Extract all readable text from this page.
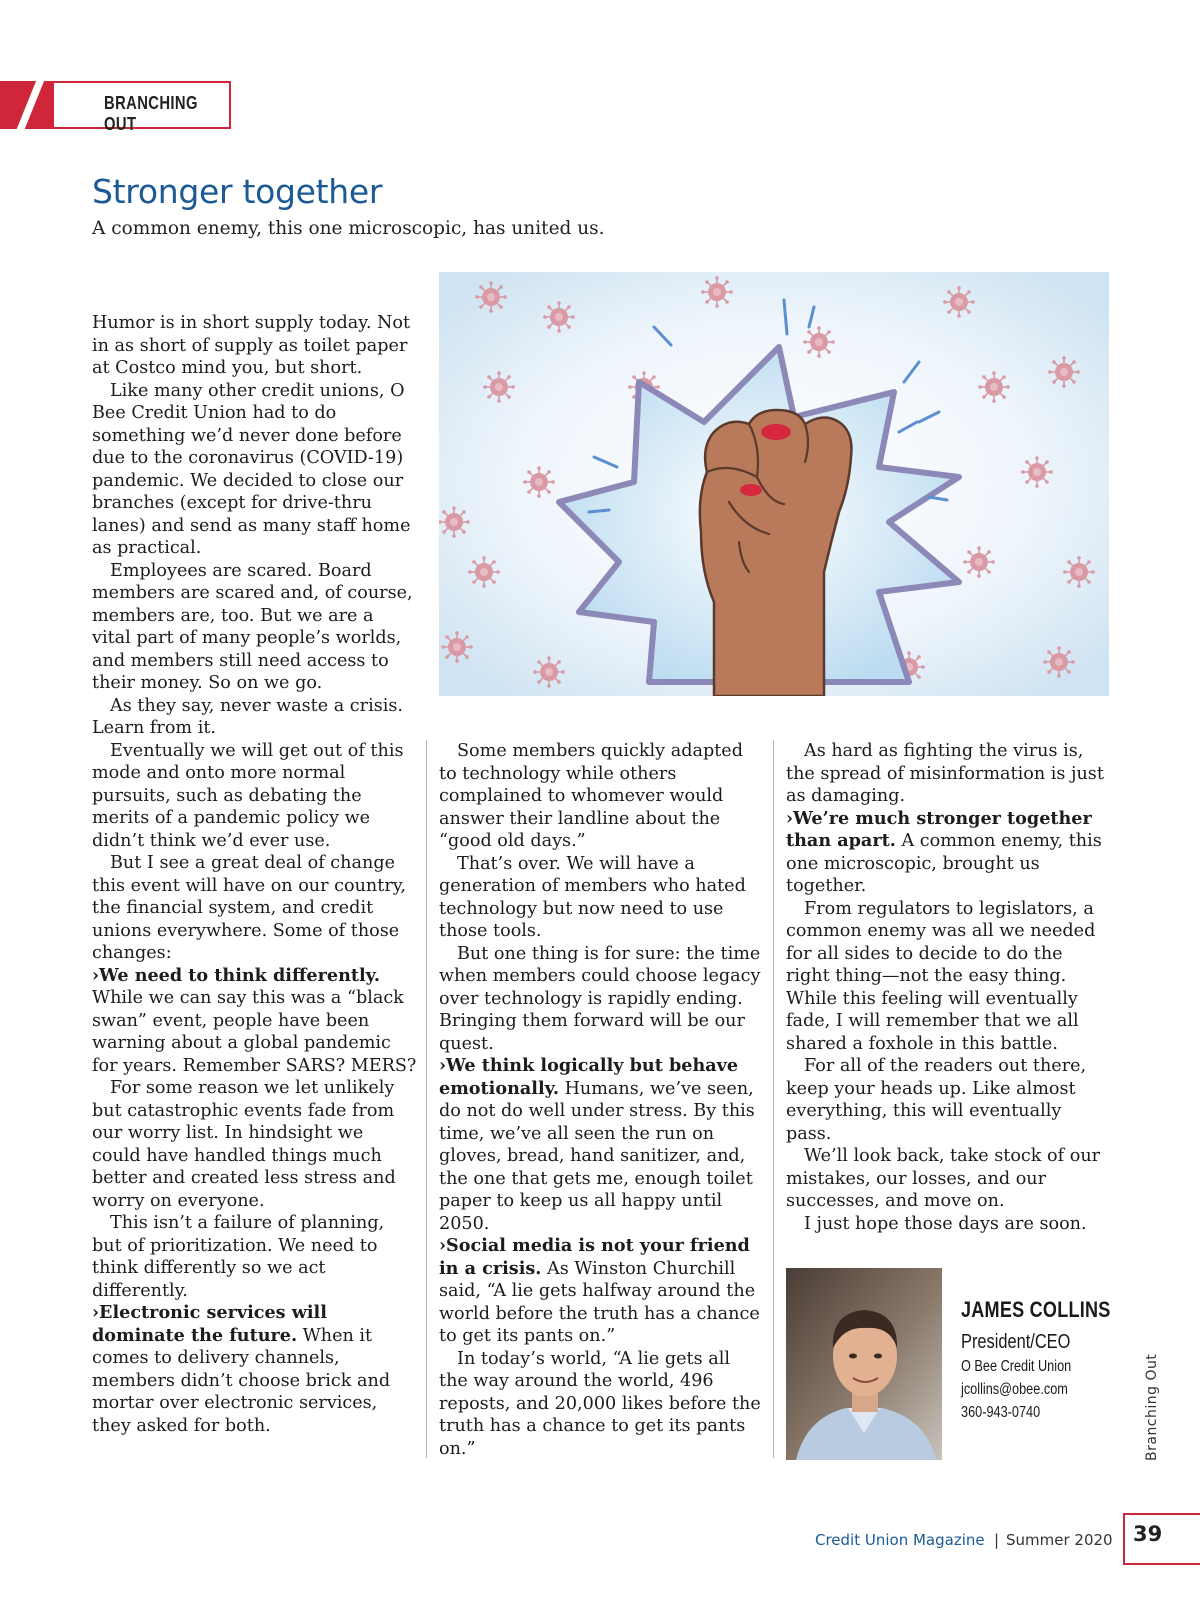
BRANCHING OUT
Stronger together
A common enemy, this one microscopic, has united us.

Humor is in short supply today. Not in as short of supply as toilet paper at Costco mind you, but short.

Like many other credit unions, O Bee Credit Union had to do something we’d never done before due to the coronavirus (COVID-19) pandemic. We decided to close our branches (except for drive-thru lanes) and send as many staff home as practical.

Employees are scared. Board members are scared and, of course, members are, too. But we are a vital part of many people’s worlds, and members still need access to their money. So on we go.

As they say, never waste a crisis. Learn from it.

Eventually we will get out of this mode and onto more normal pursuits, such as debating the merits of a pandemic policy we didn’t think we’d ever use.

But I see a great deal of change this event will have on our country, the financial system, and credit unions everywhere. Some of those changes:

›We need to think differently.

While we can say this was a “black swan” event, people have been warning about a global pandemic for years. Remember SARS? MERS?

For some reason we let unlikely but catastrophic events fade from our worry list. In hindsight we could have handled things much better and created less stress and worry on everyone.

This isn’t a failure of planning, but of prioritization. We need to think differently so we act differently.

›Electronic services will dominate the future. When it comes to delivery channels, members didn’t choose brick and mortar over electronic services, they asked for both.

Some members quickly adapted to technology while others complained to whomever would answer their landline about the “good old days.”

That’s over. We will have a generation of members who hated technology but now need to use those tools.

But one thing is for sure: the time when members could choose legacy over technology is rapidly ending. Bringing them forward will be our quest.

›We think logically but behave emotionally. Humans, we’ve seen, do not do well under stress. By this time, we’ve all seen the run on gloves, bread, hand sanitizer, and, the one that gets me, enough toilet paper to keep us all happy until 2050.

›Social media is not your friend in a crisis. As Winston Churchill said, “A lie gets halfway around the world before the truth has a chance to get its pants on.”

In today’s world, “A lie gets all the way around the world, 496 reposts, and 20,000 likes before the truth has a chance to get its pants on.”

As hard as fighting the virus is, the spread of misinformation is just as damaging.

›We’re much stronger together than apart. A common enemy, this one microscopic, brought us together.

From regulators to legislators, a common enemy was all we needed for all sides to decide to do the right thing—not the easy thing. While this feeling will eventually fade, I will remember that we all shared a foxhole in this battle.

For all of the readers out there, keep your heads up. Like almost everything, this will eventually pass.

We’ll look back, take stock of our mistakes, our losses, and our successes, and move on.

I just hope those days are soon.

JAMES COLLINS
President/CEO
O Bee Credit Union
jcollins@obee.com
360-943-0740	Branching Out
Credit Union Magazine | Summer 2020 39
